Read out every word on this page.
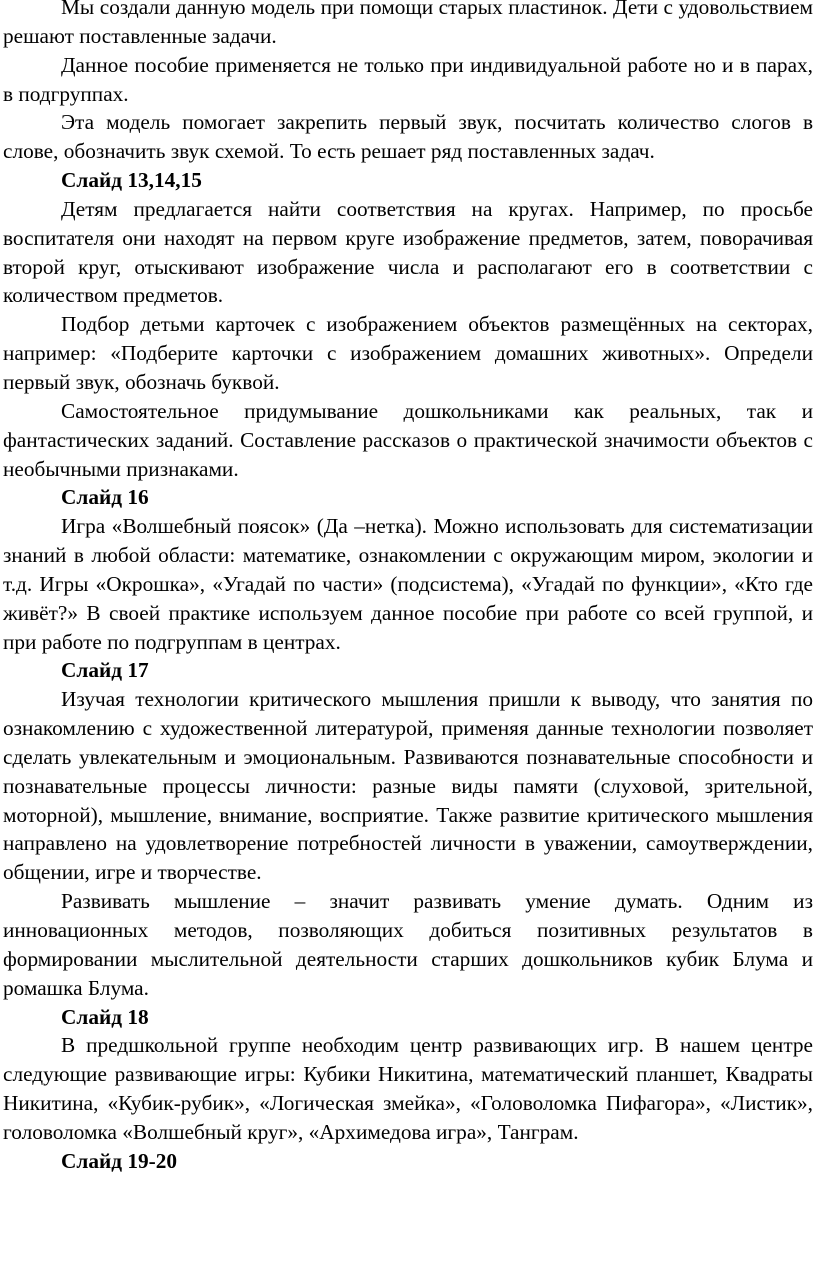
Мы создали данную модель при помощи старых пластинок. Дети с удовольствием решают поставленные задачи.

Данное пособие применяется не только при индивидуальной работе но и в парах, в подгруппах.

Эта модель помогает закрепить первый звук, посчитать количество слогов в слове, обозначить звук схемой. То есть решает ряд поставленных задач.

Слайд 13,14,15

Детям предлагается найти соответствия на кругах. Например, по просьбе воспитателя они находят на первом круге изображение предметов, затем, поворачивая второй круг, отыскивают изображение числа и располагают его в соответствии с количеством предметов.

Подбор детьми карточек с изображением объектов размещённых на секторах, например: «Подберите карточки с изображением домашних животных». Определи первый звук, обозначь буквой.

Самостоятельное придумывание дошкольниками как реальных, так и фантастических заданий. Составление рассказов о практической значимости объектов с необычными признаками.

Слайд 16

Игра «Волшебный поясок» (Да –нетка). Можно использовать для систематизации знаний в любой области: математике, ознакомлении с окружающим миром, экологии и т.д. Игры «Окрошка», «Угадай по части» (подсистема), «Угадай по функции», «Кто где живёт?» В своей практике используем данное пособие при работе со всей группой, и при работе по подгруппам в центрах.

Слайд 17

Изучая технологии критического мышления пришли к выводу, что занятия по ознакомлению с художественной литературой, применяя данные технологии позволяет сделать увлекательным и эмоциональным. Развиваются познавательные способности и познавательные процессы личности: разные виды памяти (слуховой, зрительной, моторной), мышление, внимание, восприятие. Также развитие критического мышления направлено на удовлетворение потребностей личности в уважении, самоутверждении, общении, игре и творчестве.

Развивать мышление – значит развивать умение думать. Одним из инновационных методов, позволяющих добиться позитивных результатов в формировании мыслительной деятельности старших дошкольников кубик Блума и ромашка Блума.

Слайд 18

В предшкольной группе необходим центр развивающих игр. В нашем центре следующие развивающие игры: Кубики Никитина, математический планшет, Квадраты Никитина, «Кубик-рубик», «Логическая змейка», «Головоломка Пифагора», «Листик», головоломка «Волшебный круг», «Архимедова игра», Танграм.

Слайд 19-20
